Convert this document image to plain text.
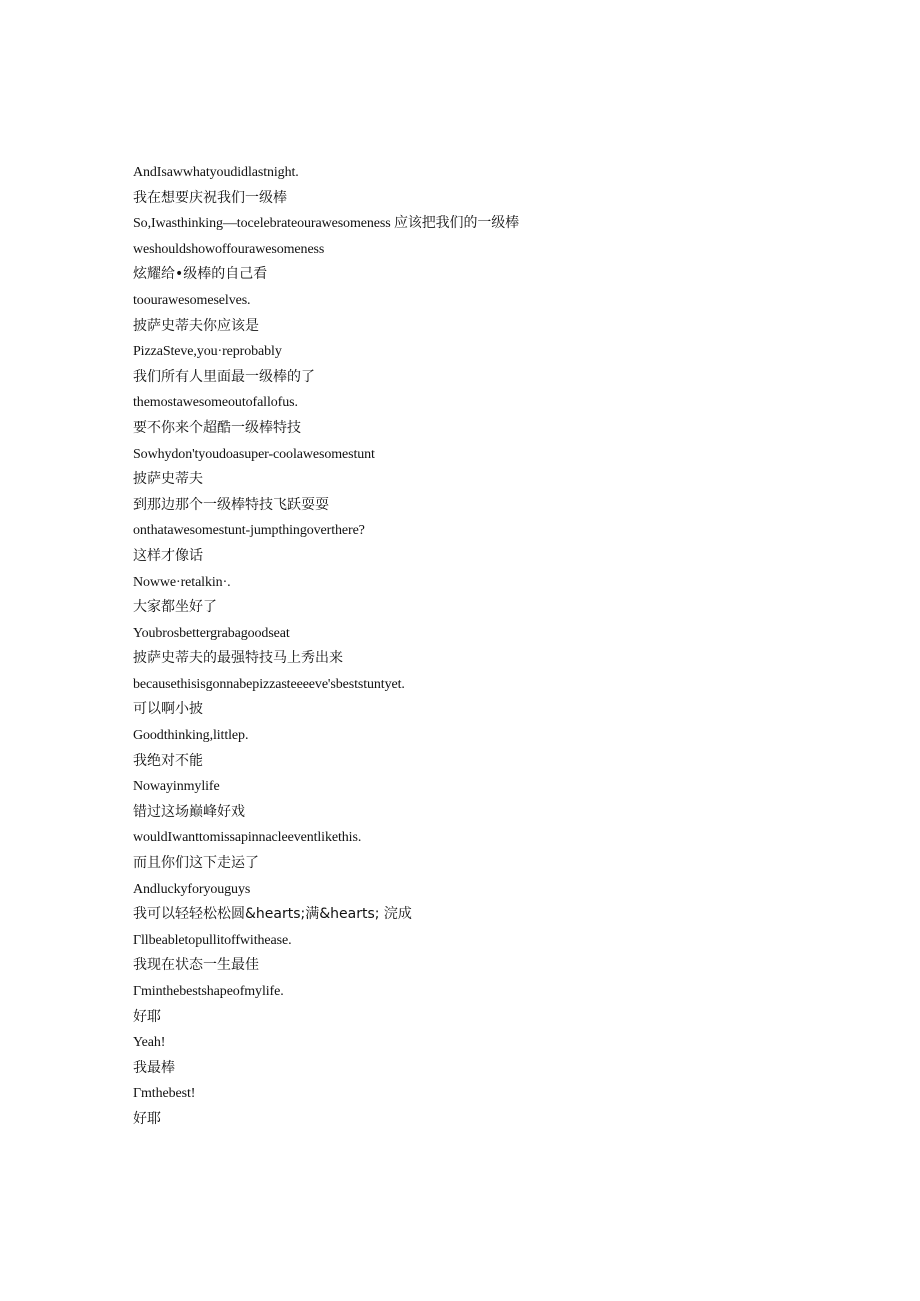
AndIsawwhatyoudidlastnight.
我在想要庆祝我们一级棒
So,Iwasthinking—tocelebrateourawesomeness 应该把我们的一级棒
weshouldshowoffourawesomeness
炫耀给•级棒的自己看
toourawesomeselves.
披萨史蒂夫你应该是
PizzaSteve,you·reprobably
我们所有人里面最一级棒的了
themostawesomeoutofallofus.
要不你来个超酷一级棒特技
Sowhydon'tyoudoasuper-coolawesomestunt
披萨史蒂夫
到那边那个一级棒特技飞跃耍耍
onthatawesomestunt-jumpthingoverthere?
这样才像话
Nowwe·retalkin·.
大家都坐好了
Youbrosbettergrabagoodseat
披萨史蒂夫的最强特技马上秀出来
becausethisisgonnabepizzasteeeeve'sbeststuntyet.
可以啊小披
Goodthinking,littlep.
我绝对不能
Nowayinmylife
错过这场巅峰好戏
wouldIwanttomissapinnacleeventlikethis.
而且你们这下走运了
Andluckyforyouguys
我可以轻轻松松圆&hearts;满&hearts; 浣成
Γllbeabletopullitoffwithease.
我现在状态一生最佳
Γminthebestshapeofmylife.
好耶
Yeah!
我最棒
Γmthebest!
好耶
